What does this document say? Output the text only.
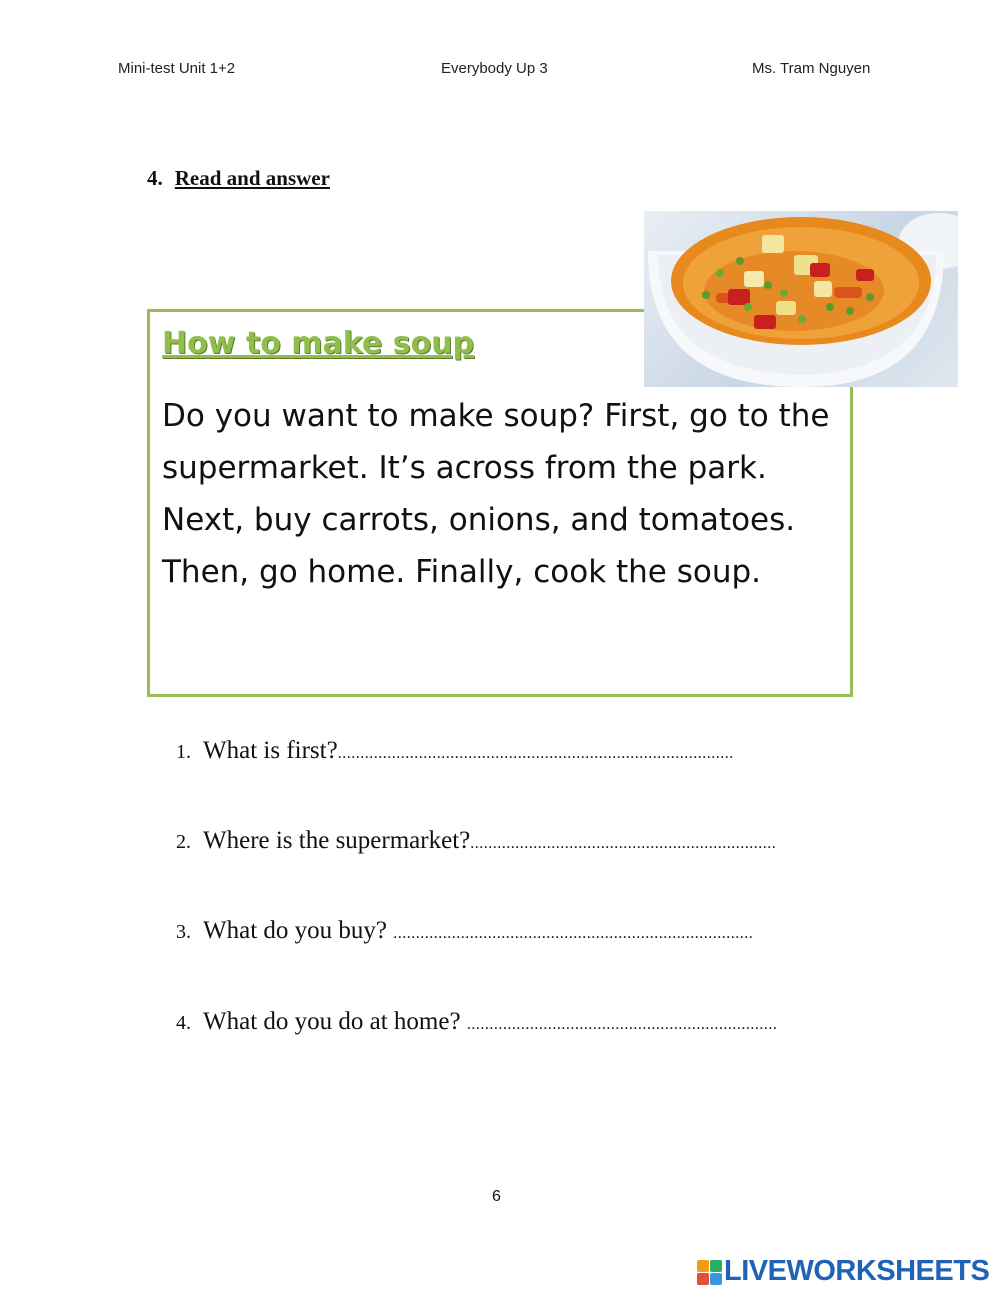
Mini-test Unit 1+2	Everybody Up 3	Ms. Tram Nguyen
4. Read and answer
How to make soup

Do you want to make soup? First, go to the supermarket. It’s across from the park. Next, buy carrots, onions, and tomatoes. Then, go home. Finally, cook the soup.

1. What is first?........................................................................................
2. Where is the supermarket?....................................................................
3. What do you buy? ................................................................................
4. What do you do at home? .....................................................................
6
LIVEWORKSHEETS
